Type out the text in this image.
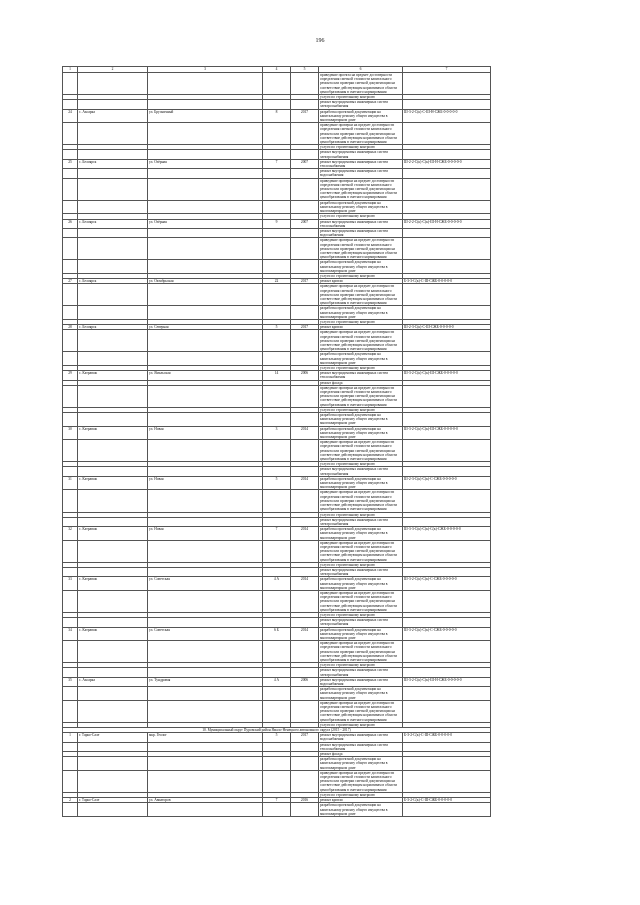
196
1	2	3	4	5	6	7
					приведение проекта на предмет достоверности определения сметной стоимости капитального ремонта или проверки сметной документации на соответствие действующим нормативам в области ценообразования в сметного нормирования	
					услуги по строительному контролю	
					ремонт внутридомовых инженерных систем электроснабжения	
24	с. Аксарка	ул. Брусничный	8	2017	разработка проектной документации на капитальному ремонту общего имущества в многоквартирном доме	Ш-3-2-С(к)-С-Ш-Н-СЖБ-0-0-0-0-0
					приведение проверки на предмет достоверности определения сметной стоимости капитального ремонта или проверки сметной документации на соответствие действующим нормативам в области ценообразования в сметного нормирования	
					услуги по строительному контролю	
					ремонт внутридомовых инженерных систем электроснабжения	
25	с. Белоярск	ул. Озёрная	7	2007	ремонт внутридомовых инженерных систем теплоснабжения	Ш-2-2-С(к)-С(к)-Ш-Н-СЖБ-0-0-0-0-0
					ремонт внутридомовых инженерных систем водоснабжения	
					приведение проверки на предмет достоверности определения сметной стоимости капитального ремонта или проверки сметной документации на соответствие действующим нормативам в области ценообразования в сметного нормирования	
					разработка проектной документации на капитальному ремонту общего имущества в многоквартирном доме	
					услуги по строительному контролю	
26	с. Белоярск	ул. Озёрная	9	2007	ремонт внутридомовых инженерных систем теплоснабжения	Ш-2-2-С(к)-С(к)-Ш-Н-СЖБ-0-0-0-0-0
					ремонт внутридомовых инженерных систем водоснабжения	
					приведение проверки на предмет достоверности определения сметной стоимости капитального ремонта или проверки сметной документации на соответствие действующим нормативам в области ценообразования в сметного нормирования	
					разработка проектной документации на капитальному ремонту общего имущества в многоквартирном доме	
					услуги по строительному контролю	
27	с. Белоярск	ул. Октябрьская	22	2017	ремонт кровли	Б-3-3-С(к)-С-Ш-СЖБ-0-0-0-0-0
					приведение проверки на предмет достоверности определения сметной стоимости капитального ремонта или проверки сметной документации на соответствие действующим нормативам в области ценообразования в сметного нормирования	
					разработка проектной документации на капитальному ремонту общего имущества в многоквартирном доме	
					услуги по строительному контролю	
28	с. Белоярск	ул. Северная	5	2017	ремонт кровли	Ш-2-3-С(к)-С-Ш-СЖБ-0-0-0-0-0
					приведение проверки на предмет достоверности определения сметной стоимости капитального ремонта или проверки сметной документации на соответствие действующим нормативам в области ценообразования в сметного нормирования	
					разработка проектной документации на капитальному ремонту общего имущества в многоквартирном доме	
					услуги по строительному контролю	
29	с. Катравож	ул. Ямальская	14	2006	ремонт внутридомовых инженерных систем теплоснабжения	Ш-3-2-С(к)-С(к)-Ш-СЖБ-0-0-0-0-0
					ремонт фасада	
					приведение проверки на предмет достоверности определения сметной стоимости капитального ремонта или проверки сметной документации на соответствие действующим нормативам в области ценообразования в сметного нормирования	
					услуги по строительному контролю	
					разработка проектной документации на капитальному ремонту общего имущества в многоквартирном доме	
30	с. Катравож	ул. Новая	3	2014	разработка проектной документации на капитальному ремонту общего имущества в многоквартирном доме	Ш-3-2-С(к)-С(к)-Ш-СЖБ-0-0-0-0-0
					приведение проверки на предмет достоверности определения сметной стоимости капитального ремонта или проверки сметной документации на соответствие действующим нормативам в области ценообразования в сметного нормирования	
					услуги по строительному контролю	
					ремонт внутридомовых инженерных систем электроснабжения	
31	с. Катравож	ул. Новая	5	2014	разработка проектной документации на капитальному ремонту общего имущества в многоквартирном доме	Ш-2-3-С(к)-С(к)-С-СЖБ-0-0-0-0-0
					приведение проверки на предмет достоверности определения сметной стоимости капитального ремонта или проверки сметной документации на соответствие действующим нормативам в области ценообразования в сметного нормирования	
					услуги по строительному контролю	
					ремонт внутридомовых инженерных систем электроснабжения	
32	с. Катравож	ул. Новая	7	2014	разработка проектной документации на капитальному ремонту общего имущества в многоквартирном доме	Ш-3-3-С(к)-С(к)-С(к)-СЖБ-0-0-0-0-0
					приведение проверки на предмет достоверности определения сметной стоимости капитального ремонта или проверки сметной документации на соответствие действующим нормативам в области ценообразования в сметного нормирования	
					услуги по строительному контролю	
					ремонт внутридомовых инженерных систем электроснабжения	
33	с. Катравож	ул. Советская	4 А	2014	разработка проектной документации на капитальному ремонту общего имущества в многоквартирном доме	Ш-3-2-С(к)-С(к)-С-СЖБ-0-0-0-0-0
					приведение проверки на предмет достоверности определения сметной стоимости капитального ремонта или проверки сметной документации на соответствие действующим нормативам в области ценообразования в сметного нормирования	
					услуги по строительному контролю	
					ремонт внутридомовых инженерных систем электроснабжения	
34	с. Катравож	ул. Советская	6 Б	2014	разработка проектной документации на капитальному ремонту общего имущества в многоквартирном доме	Ш-3-2-С(к)-С(к)-С-СЖБ-0-0-0-0-0
					приведение проверки на предмет достоверности определения сметной стоимости капитального ремонта или проверки сметной документации на соответствие действующим нормативам в области ценообразования в сметного нормирования	
					услуги по строительному контролю	
					ремонт внутридомовых инженерных систем электроснабжения	
35	с. Аксарка	ул. Тундровая	4 А	2006	ремонт внутридомовых инженерных систем водоснабжения	Ш-3-2-С(к)-С(к)-Ш-Н-СЖБ-0-0-0-0-0
					разработка проектной документации на капитальному ремонту общего имущества в многоквартирном доме	
					приведение проверки на предмет достоверности определения сметной стоимости капитального ремонта или проверки сметной документации на соответствие действующим нормативам в области ценообразования в сметного нормирования	
					услуги по строительному контролю	
10. Муниципальный округ Пуровский район Ямало-Ненецкого автономного округа (2015 - 2017)						
1	г. Тарко-Сале	мкр. Геолог	5	2017	ремонт внутридомовых инженерных систем водоснабжения	Б-3-2-С(к)-С-Ш-СЖБ-0-0-0-0-0
					ремонт внутридомовых инженерных систем теплоснабжения	
					ремонт фасада	
					разработка проектной документации на капитальному ремонту общего имущества в многоквартирном доме	
					приведение проверки на предмет достоверности определения сметной стоимости капитального ремонта или проверки сметной документации на соответствие действующим нормативам в области ценообразования в сметного нормирования	
					услуги по строительному контролю	
2	г. Тарко-Сале	ул. Авиаторов	7	2016	ремонт кровли	Б-3-2-С(к)-С-Ш-СЖБ-0-0-0-0-0
					разработка проектной документации на капитальному ремонту общего имущества в многоквартирном доме	
